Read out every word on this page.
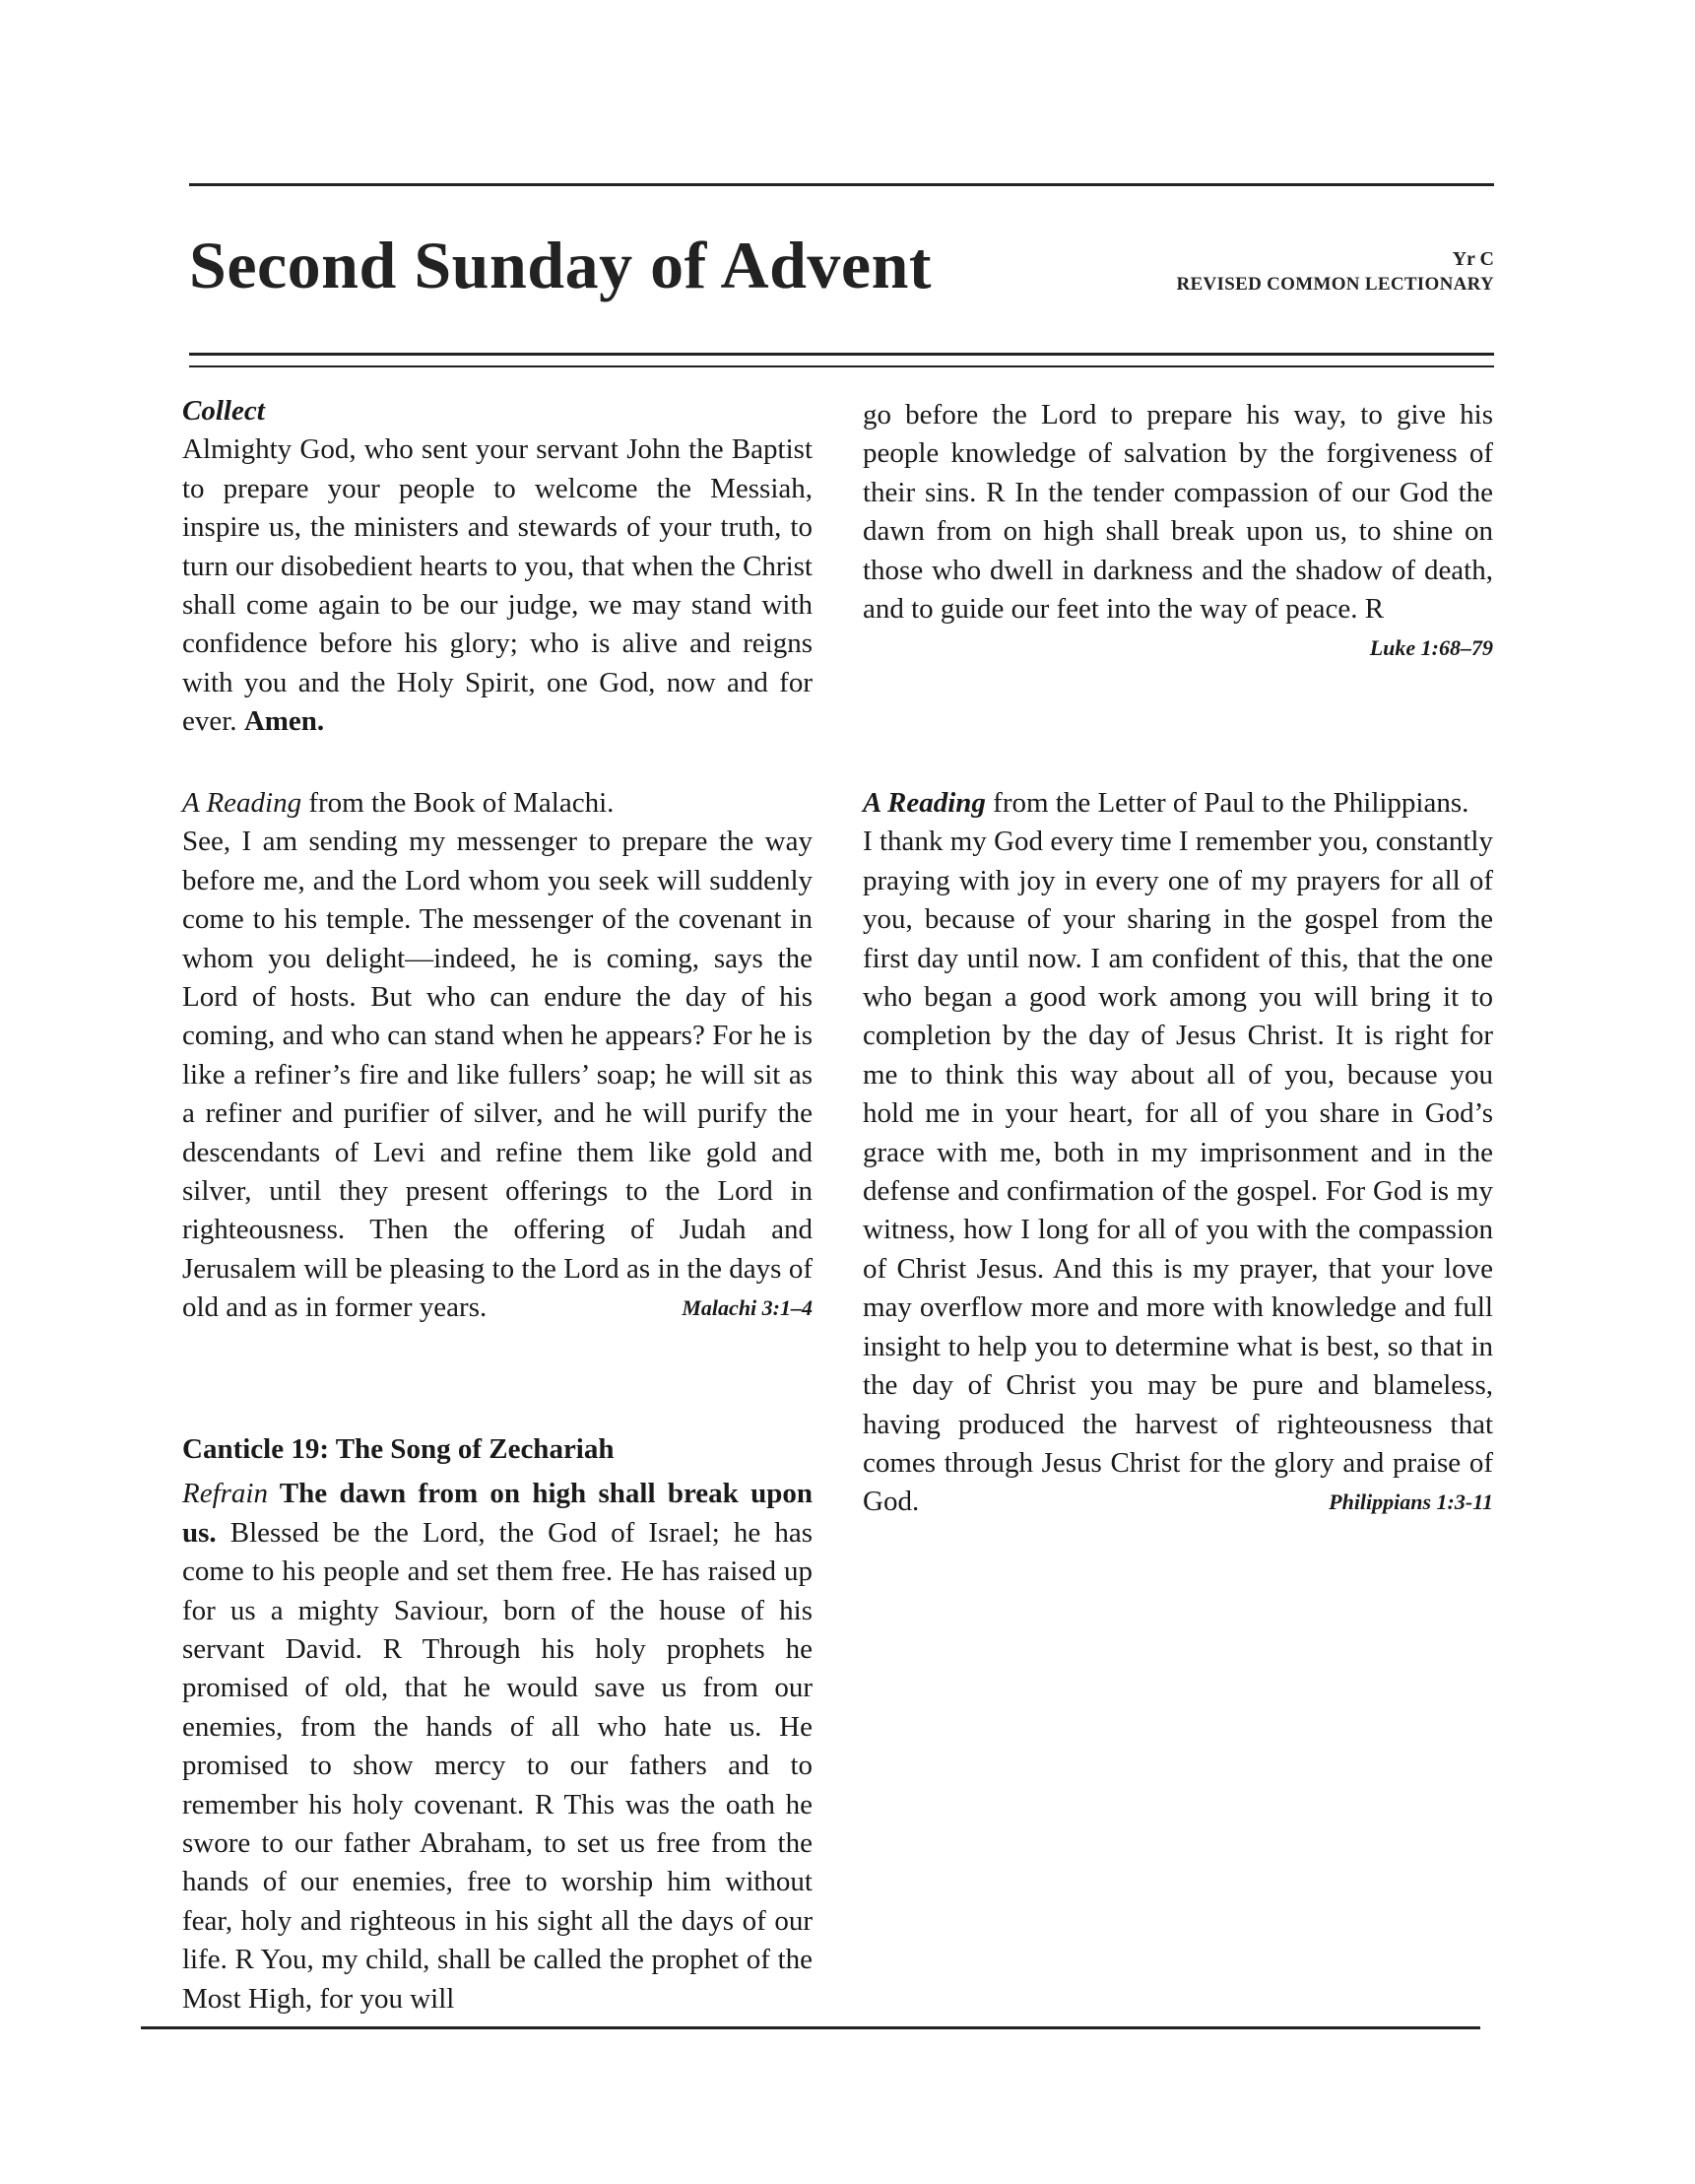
Second Sunday of Advent	Yr C
REVISED COMMON LECTIONARY

Collect

Almighty God, who sent your servant John the Baptist to prepare your people to welcome the Messiah, inspire us, the ministers and stewards of your truth, to turn our disobedient hearts to you, that when the Christ shall come again to be our judge, we may stand with confidence before his glory; who is alive and reigns with you and the Holy Spirit, one God, now and for ever. Amen.

A Reading from the Book of Malachi.

See, I am sending my messenger to prepare the way before me, and the Lord whom you seek will suddenly come to his temple. The messenger of the covenant in whom you delight—indeed, he is coming, says the Lord of hosts. But who can endure the day of his coming, and who can stand when he appears? For he is like a refiner’s fire and like fullers’ soap; he will sit as a refiner and purifier of silver, and he will purify the descendants of Levi and refine them like gold and silver, until they present offerings to the Lord in righteousness. Then the offering of Judah and Jerusalem will be pleasing to the Lord as in the days of old and as in former years.	Malachi 3:1–4

Canticle 19: The Song of Zechariah

Refrain The dawn from on high shall break upon us. Blessed be the Lord, the God of Israel; he has come to his people and set them free. He has raised up for us a mighty Saviour, born of the house of his servant David. R Through his holy prophets he promised of old, that he would save us from our enemies, from the hands of all who hate us. He promised to show mercy to our fathers and to remember his holy covenant. R This was the oath he swore to our father Abraham, to set us free from the hands of our enemies, free to worship him without fear, holy and righteous in his sight all the days of our life. R You, my child, shall be called the prophet of the Most High, for you will

go before the Lord to prepare his way, to give his people knowledge of salvation by the forgiveness of their sins. R In the tender compassion of our God the dawn from on high shall break upon us, to shine on those who dwell in darkness and the shadow of death, and to guide our feet into the way of peace. R
Luke 1:68–79

A Reading from the Letter of Paul to the Philippians.

I thank my God every time I remember you, constantly praying with joy in every one of my prayers for all of you, because of your sharing in the gospel from the first day until now. I am confident of this, that the one who began a good work among you will bring it to completion by the day of Jesus Christ. It is right for me to think this way about all of you, because you hold me in your heart, for all of you share in God’s grace with me, both in my imprisonment and in the defense and confirmation of the gospel. For God is my witness, how I long for all of you with the compassion of Christ Jesus. And this is my prayer, that your love may overflow more and more with knowledge and full insight to help you to determine what is best, so that in the day of Christ you may be pure and blameless, having produced the harvest of righteousness that comes through Jesus Christ for the glory and praise of God.	Philippians 1:3-11
